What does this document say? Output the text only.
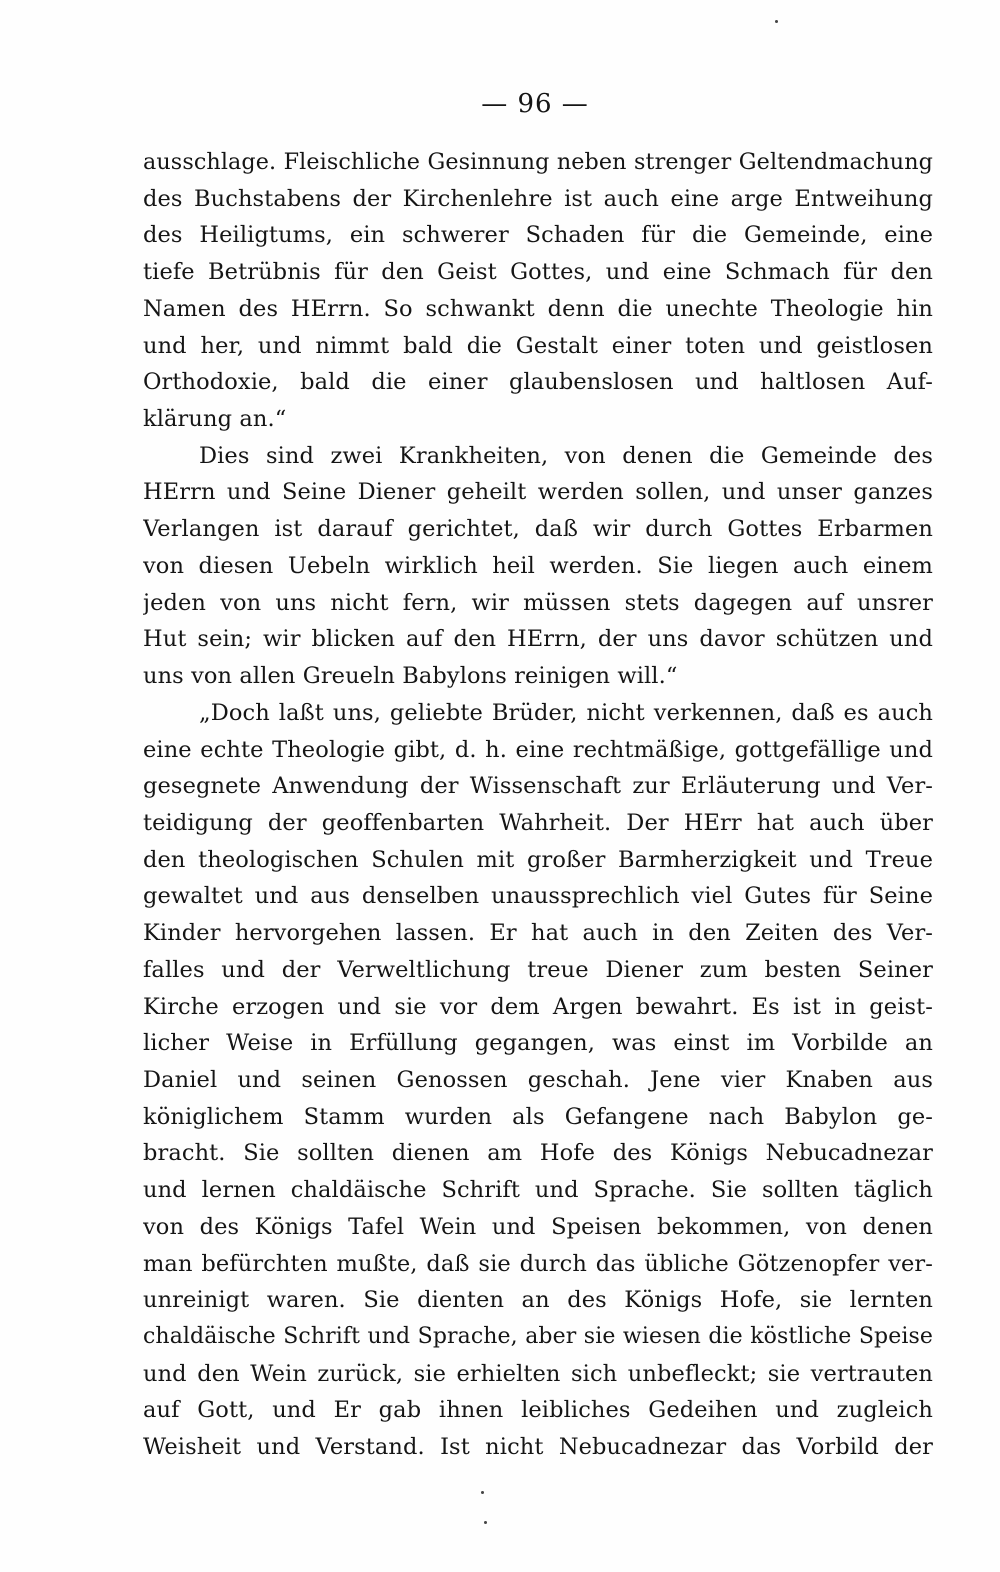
— 96 —
ausschlage. Fleischliche Gesinnung neben strenger Geltendmachung
des Buchstabens der Kirchenlehre ist auch eine arge Entweihung
des Heiligtums, ein schwerer Schaden für die Gemeinde, eine
tiefe Betrübnis für den Geist Gottes, und eine Schmach für den
Namen des HErrn. So schwankt denn die unechte Theologie hin
und her, und nimmt bald die Gestalt einer toten und geistlosen
Orthodoxie, bald die einer glaubenslosen und haltlosen Auf-
klärung an.“
Dies sind zwei Krankheiten, von denen die Gemeinde des
HErrn und Seine Diener geheilt werden sollen, und unser ganzes
Verlangen ist darauf gerichtet, daß wir durch Gottes Erbarmen
von diesen Uebeln wirklich heil werden. Sie liegen auch einem
jeden von uns nicht fern, wir müssen stets dagegen auf unsrer
Hut sein; wir blicken auf den HErrn, der uns davor schützen und
uns von allen Greueln Babylons reinigen will.“
„Doch laßt uns, geliebte Brüder, nicht verkennen, daß es auch
eine echte Theologie gibt, d. h. eine rechtmäßige, gottgefällige und
gesegnete Anwendung der Wissenschaft zur Erläuterung und Ver-
teidigung der geoffenbarten Wahrheit. Der HErr hat auch über
den theologischen Schulen mit großer Barmherzigkeit und Treue
gewaltet und aus denselben unaussprechlich viel Gutes für Seine
Kinder hervorgehen lassen. Er hat auch in den Zeiten des Ver-
falles und der Verweltlichung treue Diener zum besten Seiner
Kirche erzogen und sie vor dem Argen bewahrt. Es ist in geist-
licher Weise in Erfüllung gegangen, was einst im Vorbilde an
Daniel und seinen Genossen geschah. Jene vier Knaben aus
königlichem Stamm wurden als Gefangene nach Babylon ge-
bracht. Sie sollten dienen am Hofe des Königs Nebucadnezar
und lernen chaldäische Schrift und Sprache. Sie sollten täglich
von des Königs Tafel Wein und Speisen bekommen, von denen
man befürchten mußte, daß sie durch das übliche Götzenopfer ver-
unreinigt waren. Sie dienten an des Königs Hofe, sie lernten
chaldäische Schrift und Sprache, aber sie wiesen die köstliche Speise
und den Wein zurück, sie erhielten sich unbefleckt; sie vertrauten
auf Gott, und Er gab ihnen leibliches Gedeihen und zugleich
Weisheit und Verstand. Ist nicht Nebucadnezar das Vorbild der
